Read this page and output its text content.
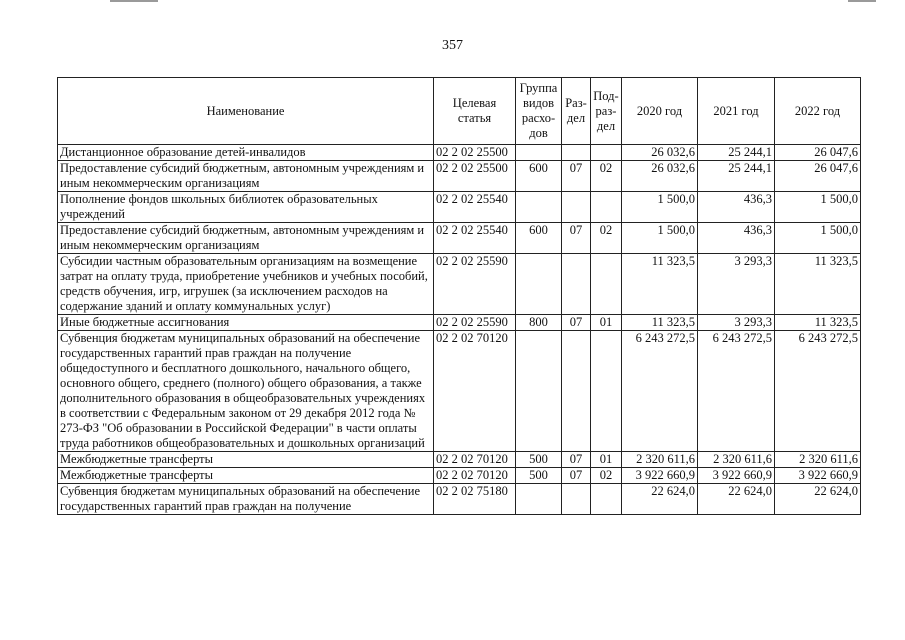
357
Наименование	Целевая статья	Группа видов расхо-дов	Раз-дел	Под-раз-дел	2020 год	2021 год	2022 год
Дистанционное образование детей-инвалидов	02 2 02 25500				26 032,6	25 244,1	26 047,6
Предоставление субсидий бюджетным, автономным учреждениям и иным некоммерческим организациям	02 2 02 25500	600	07	02	26 032,6	25 244,1	26 047,6
Пополнение фондов школьных библиотек образовательных учреждений	02 2 02 25540				1 500,0	436,3	1 500,0
Предоставление субсидий бюджетным, автономным учреждениям и иным некоммерческим организациям	02 2 02 25540	600	07	02	1 500,0	436,3	1 500,0
Субсидии частным образовательным организациям на возмещение затрат на оплату труда, приобретение учебников и учебных пособий, средств обучения, игр, игрушек (за исключением расходов на содержание зданий и оплату коммунальных услуг)	02 2 02 25590				11 323,5	3 293,3	11 323,5
Иные бюджетные ассигнования	02 2 02 25590	800	07	01	11 323,5	3 293,3	11 323,5
Субвенция бюджетам муниципальных образований на обеспечение государственных гарантий прав граждан на получение общедоступного и бесплатного дошкольного, начального общего, основного общего, среднего (полного) общего образования, а также дополнительного образования в общеобразовательных учреждениях в соответствии с Федеральным законом от 29 декабря 2012 года № 273-ФЗ "Об образовании в Российской Федерации" в части оплаты труда работников общеобразовательных и дошкольных организаций	02 2 02 70120				6 243 272,5	6 243 272,5	6 243 272,5
Межбюджетные трансферты	02 2 02 70120	500	07	01	2 320 611,6	2 320 611,6	2 320 611,6
Межбюджетные трансферты	02 2 02 70120	500	07	02	3 922 660,9	3 922 660,9	3 922 660,9
Субвенция бюджетам муниципальных образований на обеспечение государственных гарантий прав граждан на получение	02 2 02 75180				22 624,0	22 624,0	22 624,0
